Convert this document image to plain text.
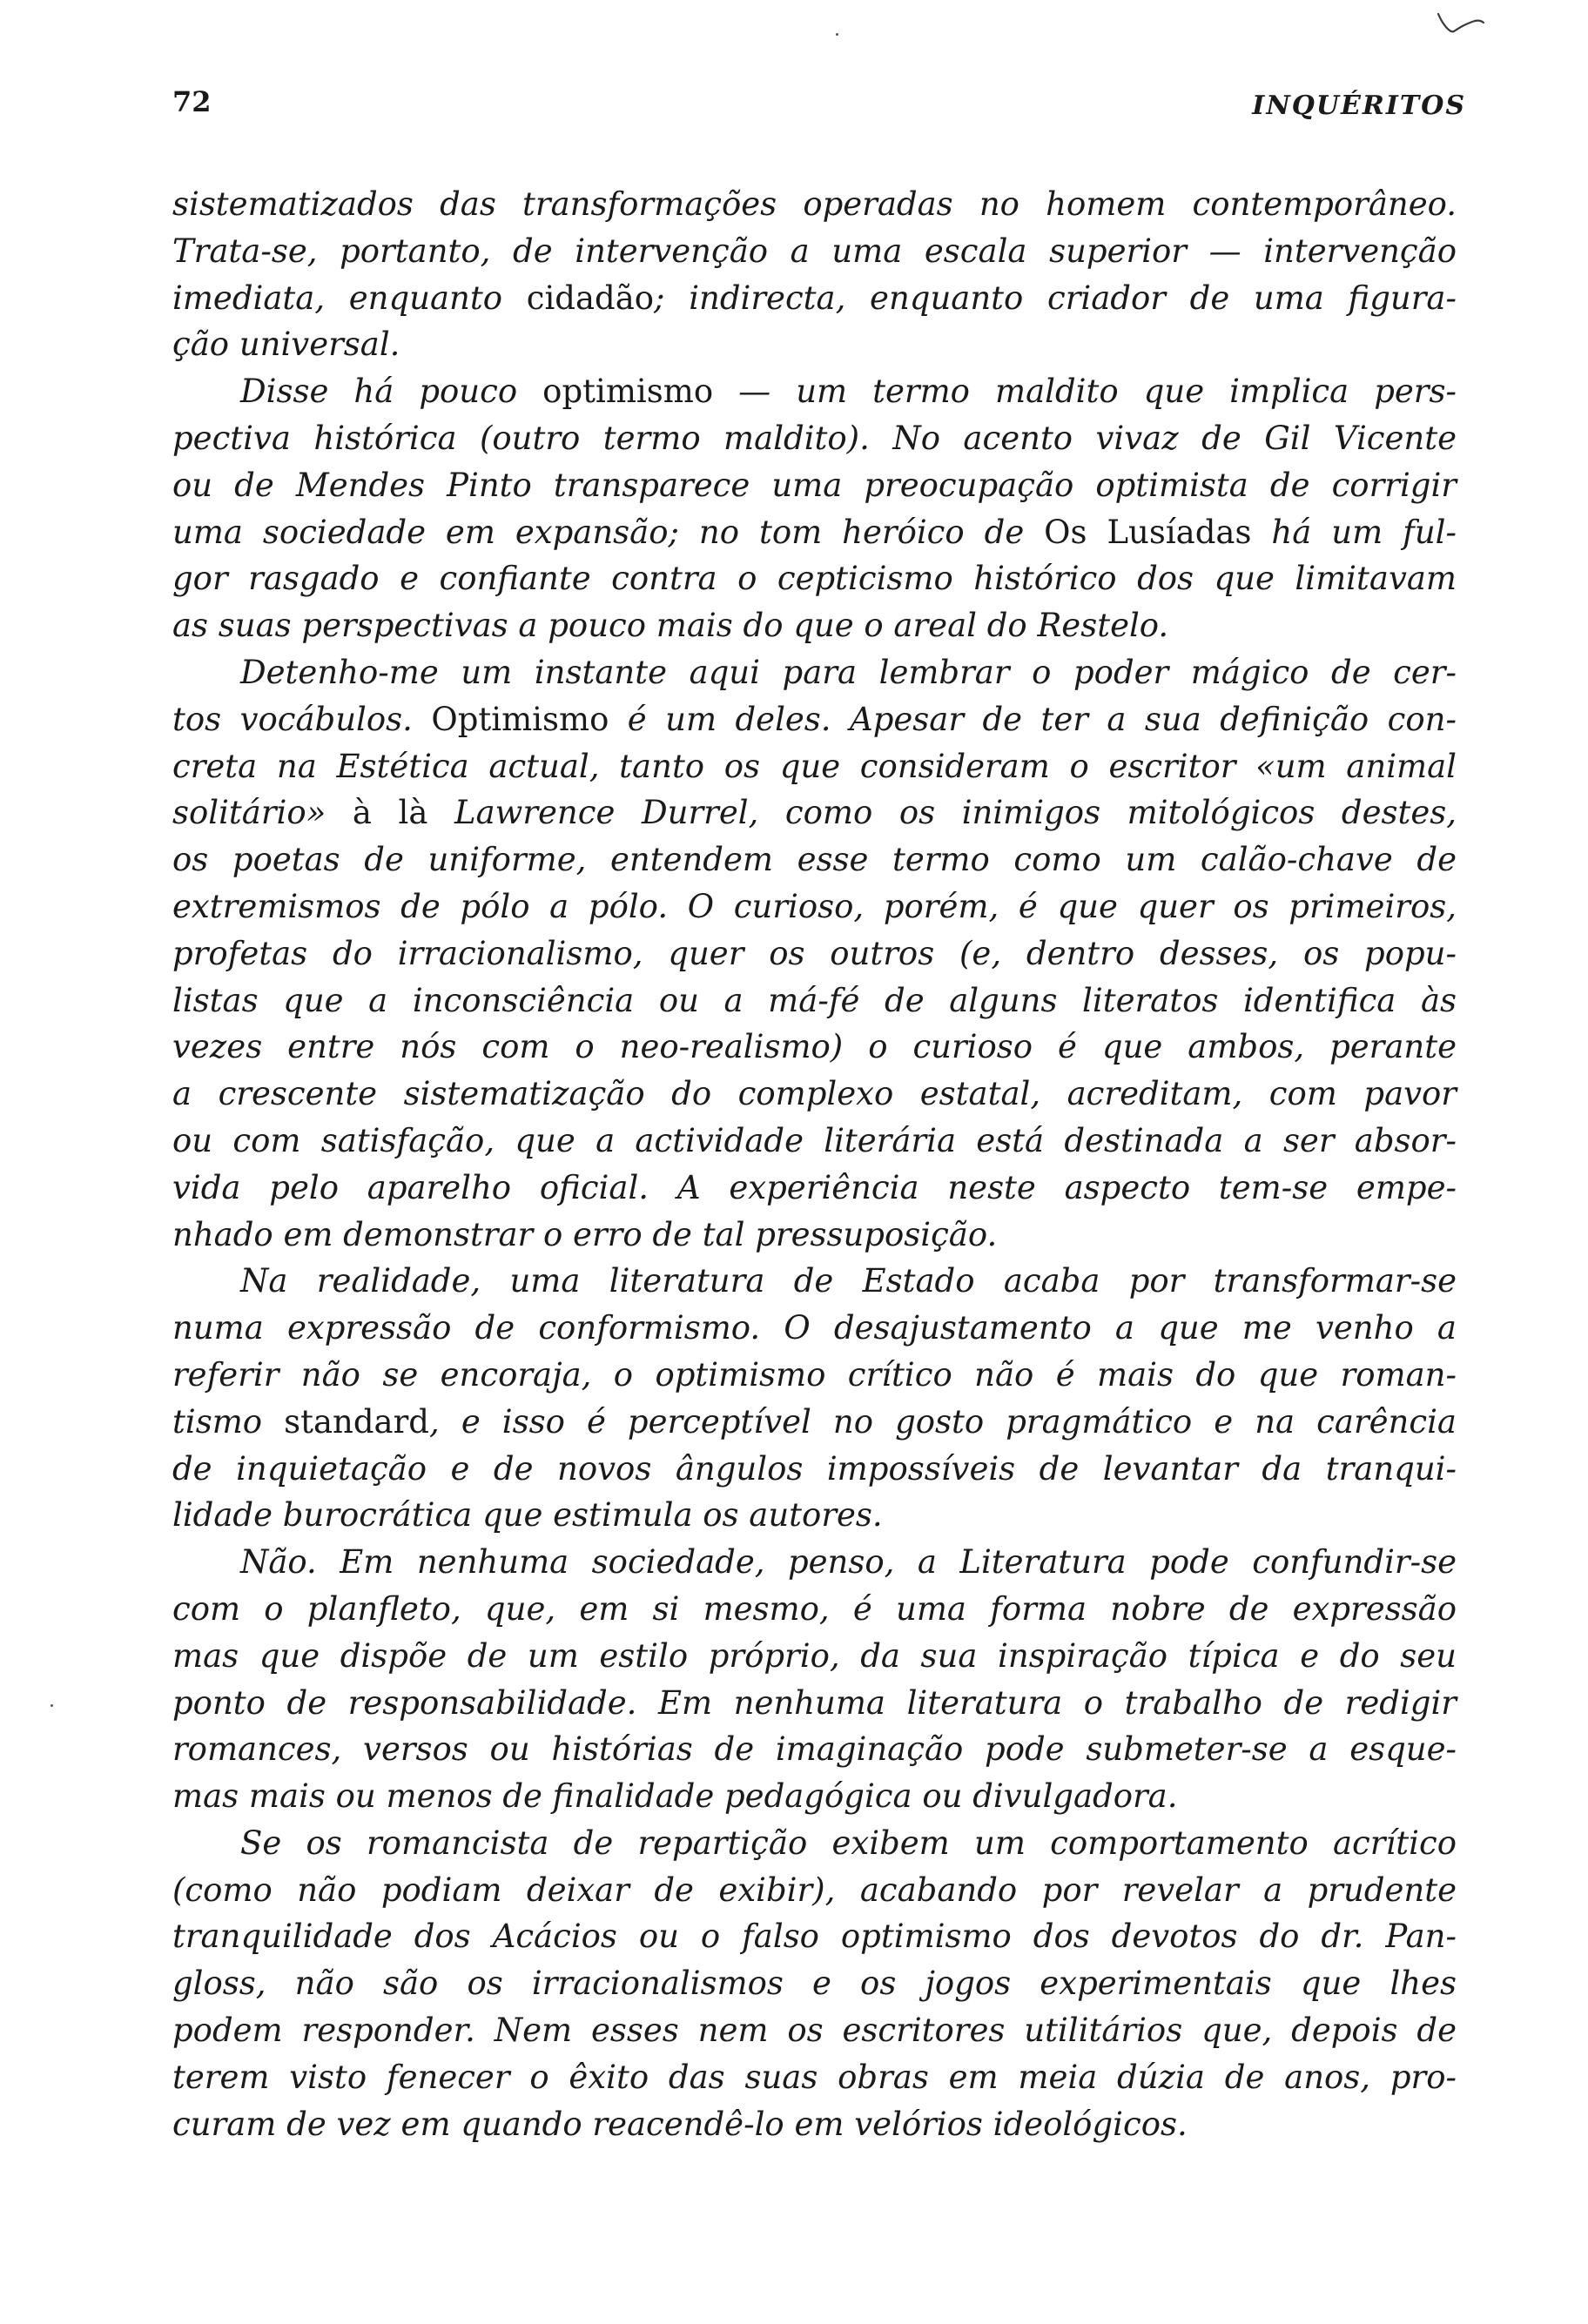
72	INQUÉRITOS
sistematizados das transformações operadas no homem contemporâneo.
Trata-se, portanto, de intervenção a uma escala superior — intervenção
imediata, enquanto cidadão; indirecta, enquanto criador de uma figura-
ção universal.
Disse há pouco optimismo — um termo maldito que implica pers-
pectiva histórica (outro termo maldito). No acento vivaz de Gil Vicente
ou de Mendes Pinto transparece uma preocupação optimista de corrigir
uma sociedade em expansão; no tom heróico de Os Lusíadas há um ful-
gor rasgado e confiante contra o cepticismo histórico dos que limitavam
as suas perspectivas a pouco mais do que o areal do Restelo.
Detenho-me um instante aqui para lembrar o poder mágico de cer-
tos vocábulos. Optimismo é um deles. Apesar de ter a sua definição con-
creta na Estética actual, tanto os que consideram o escritor «um animal
solitário» à là Lawrence Durrel, como os inimigos mitológicos destes,
os poetas de uniforme, entendem esse termo como um calão-chave de
extremismos de pólo a pólo. O curioso, porém, é que quer os primeiros,
profetas do irracionalismo, quer os outros (e, dentro desses, os popu-
listas que a inconsciência ou a má-fé de alguns literatos identifica às
vezes entre nós com o neo-realismo) o curioso é que ambos, perante
a crescente sistematização do complexo estatal, acreditam, com pavor
ou com satisfação, que a actividade literária está destinada a ser absor-
vida pelo aparelho oficial. A experiência neste aspecto tem-se empe-
nhado em demonstrar o erro de tal pressuposição.
Na realidade, uma literatura de Estado acaba por transformar-se
numa expressão de conformismo. O desajustamento a que me venho a
referir não se encoraja, o optimismo crítico não é mais do que roman-
tismo standard, e isso é perceptível no gosto pragmático e na carência
de inquietação e de novos ângulos impossíveis de levantar da tranqui-
lidade burocrática que estimula os autores.
Não. Em nenhuma sociedade, penso, a Literatura pode confundir-se
com o planfleto, que, em si mesmo, é uma forma nobre de expressão
mas que dispõe de um estilo próprio, da sua inspiração típica e do seu
ponto de responsabilidade. Em nenhuma literatura o trabalho de redigir
romances, versos ou histórias de imaginação pode submeter-se a esque-
mas mais ou menos de finalidade pedagógica ou divulgadora.
Se os romancista de repartição exibem um comportamento acrítico
(como não podiam deixar de exibir), acabando por revelar a prudente
tranquilidade dos Acácios ou o falso optimismo dos devotos do dr. Pan-
gloss, não são os irracionalismos e os jogos experimentais que lhes
podem responder. Nem esses nem os escritores utilitários que, depois de
terem visto fenecer o êxito das suas obras em meia dúzia de anos, pro-
curam de vez em quando reacendê-lo em velórios ideológicos.
